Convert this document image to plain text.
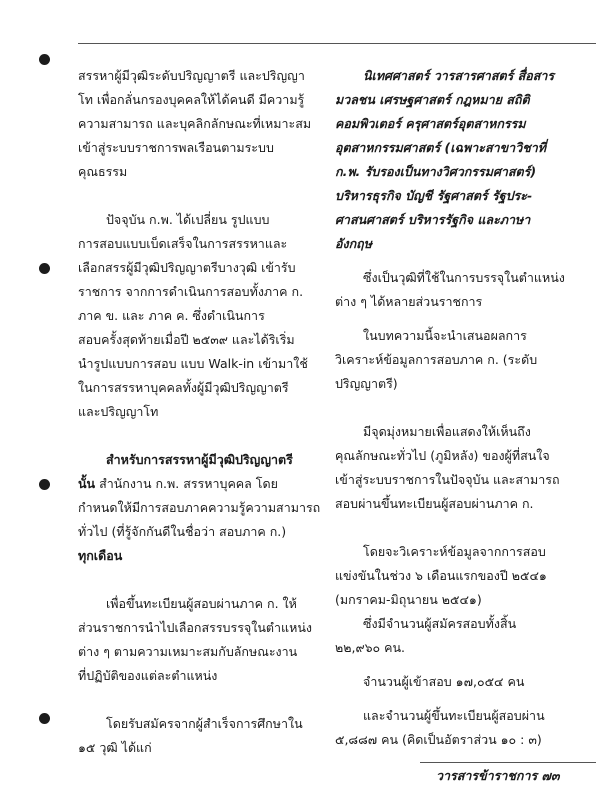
สรรหาผู้มีวุฒิระดับปริญญาตรี และปริญญา

โท เพื่อกลั่นกรองบุคคลให้ได้คนดี มีความรู้

ความสามารถ และบุคลิกลักษณะที่เหมาะสม

เข้าสู่ระบบราชการพลเรือนตามระบบ

คุณธรรม

ปัจจุบัน ก.พ. ได้เปลี่ยน รูปแบบ

การสอบแบบเบ็ดเสร็จในการสรรหาและ

เลือกสรรผู้มีวุฒิปริญญาตรีบางวุฒิ เข้ารับ

ราชการ จากการดำเนินการสอบทั้งภาค ก.

ภาค ข. และ ภาค ค. ซึ่งดำเนินการ

สอบครั้งสุดท้ายเมื่อปี ๒๕๓๙ และได้ริเริ่ม

นำรูปแบบการสอบ แบบ Walk-in เข้ามาใช้

ในการสรรหาบุคคลทั้งผู้มีวุฒิปริญญาตรี

และปริญญาโท

สำหรับการสรรหาผู้มีวุฒิปริญญาตรี

นั้น สำนักงาน ก.พ. สรรหาบุคคล โดย

กำหนดให้มีการสอบภาคความรู้ความสามารถ

ทั่วไป (ที่รู้จักกันดีในชื่อว่า สอบภาค ก.)

ทุกเดือน

เพื่อขึ้นทะเบียนผู้สอบผ่านภาค ก. ให้

ส่วนราชการนำไปเลือกสรรบรรจุในตำแหน่ง

ต่าง ๆ ตามความเหมาะสมกับลักษณะงาน

ที่ปฏิบัติของแต่ละตำแหน่ง

โดยรับสมัครจากผู้สำเร็จการศึกษาใน

๑๕ วุฒิ ได้แก่

นิเทศศาสตร์ วารสารศาสตร์ สื่อสาร

มวลชน เศรษฐศาสตร์ กฎหมาย สถิติ

คอมพิวเตอร์ ครุศาสตร์อุตสาหกรรม

อุตสาหกรรมศาสตร์ (เฉพาะสาขาวิชาที่

ก.พ. รับรองเป็นทางวิศวกรรมศาสตร์)

บริหารธุรกิจ บัญชี รัฐศาสตร์ รัฐประ-

ศาสนศาสตร์ บริหารรัฐกิจ และภาษา

อังกฤษ

ซึ่งเป็นวุฒิที่ใช้ในการบรรจุในตำแหน่ง

ต่าง ๆ ได้หลายส่วนราชการ

ในบทความนี้จะนำเสนอผลการ

วิเคราะห์ข้อมูลการสอบภาค ก. (ระดับ

ปริญญาตรี)

มีจุดมุ่งหมายเพื่อแสดงให้เห็นถึง

คุณลักษณะทั่วไป (ภูมิหลัง) ของผู้ที่สนใจ

เข้าสู่ระบบราชการในปัจจุบัน และสามารถ

สอบผ่านขึ้นทะเบียนผู้สอบผ่านภาค ก.

โดยจะวิเคราะห์ข้อมูลจากการสอบ

แข่งขันในช่วง ๖ เดือนแรกของปี ๒๕๔๑

(มกราคม-มิถุนายน ๒๕๔๑)

ซึ่งมีจำนวนผู้สมัครสอบทั้งสิ้น

๒๒,๙๖๐ คน.

จำนวนผู้เข้าสอบ ๑๗,๐๕๔ คน

และจำนวนผู้ขึ้นทะเบียนผู้สอบผ่าน

๕,๘๘๗ คน (คิดเป็นอัตราส่วน ๑๐ : ๓)

วารสารข้าราชการ ๗๓
